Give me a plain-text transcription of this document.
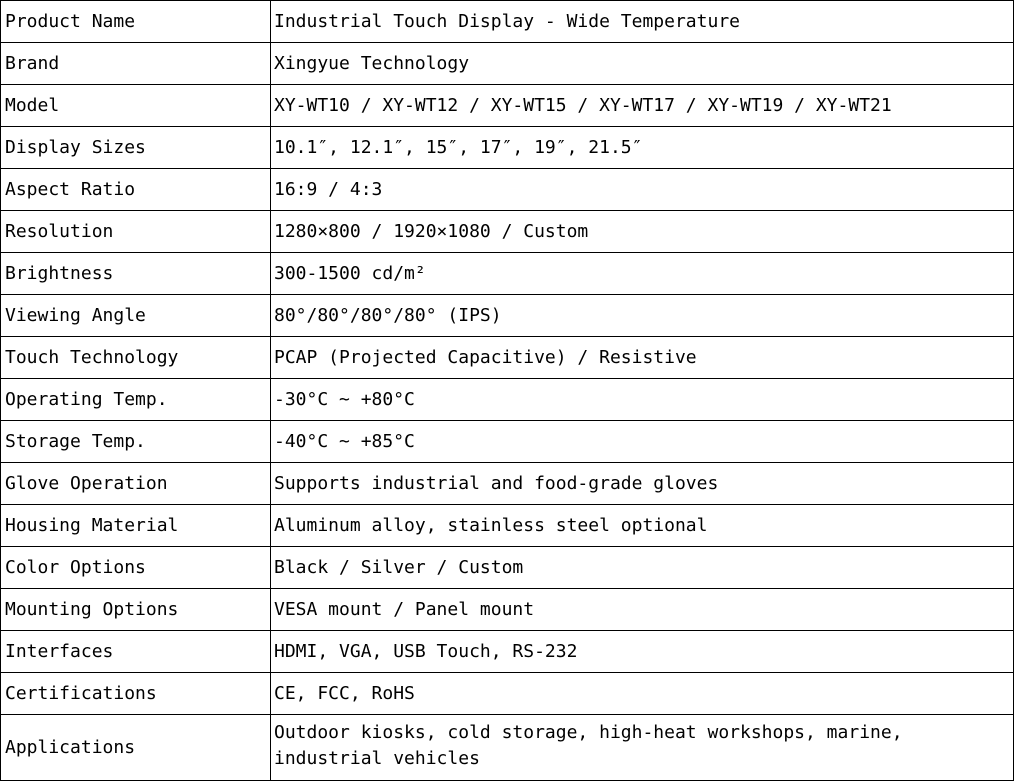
Product Name	Industrial Touch Display - Wide Temperature
Brand	Xingyue Technology
Model	XY-WT10 / XY-WT12 / XY-WT15 / XY-WT17 / XY-WT19 / XY-WT21
Display Sizes	10.1″, 12.1″, 15″, 17″, 19″, 21.5″
Aspect Ratio	16:9 / 4:3
Resolution	1280×800 / 1920×1080 / Custom
Brightness	300-1500 cd/m²
Viewing Angle	80°/80°/80°/80° (IPS)
Touch Technology	PCAP (Projected Capacitive) / Resistive
Operating Temp.	-30°C ~ +80°C
Storage Temp.	-40°C ~ +85°C
Glove Operation	Supports industrial and food-grade gloves
Housing Material	Aluminum alloy, stainless steel optional
Color Options	Black / Silver / Custom
Mounting Options	VESA mount / Panel mount
Interfaces	HDMI, VGA, USB Touch, RS-232
Certifications	CE, FCC, RoHS
Applications	Outdoor kiosks, cold storage, high-heat workshops, marine, industrial vehicles
